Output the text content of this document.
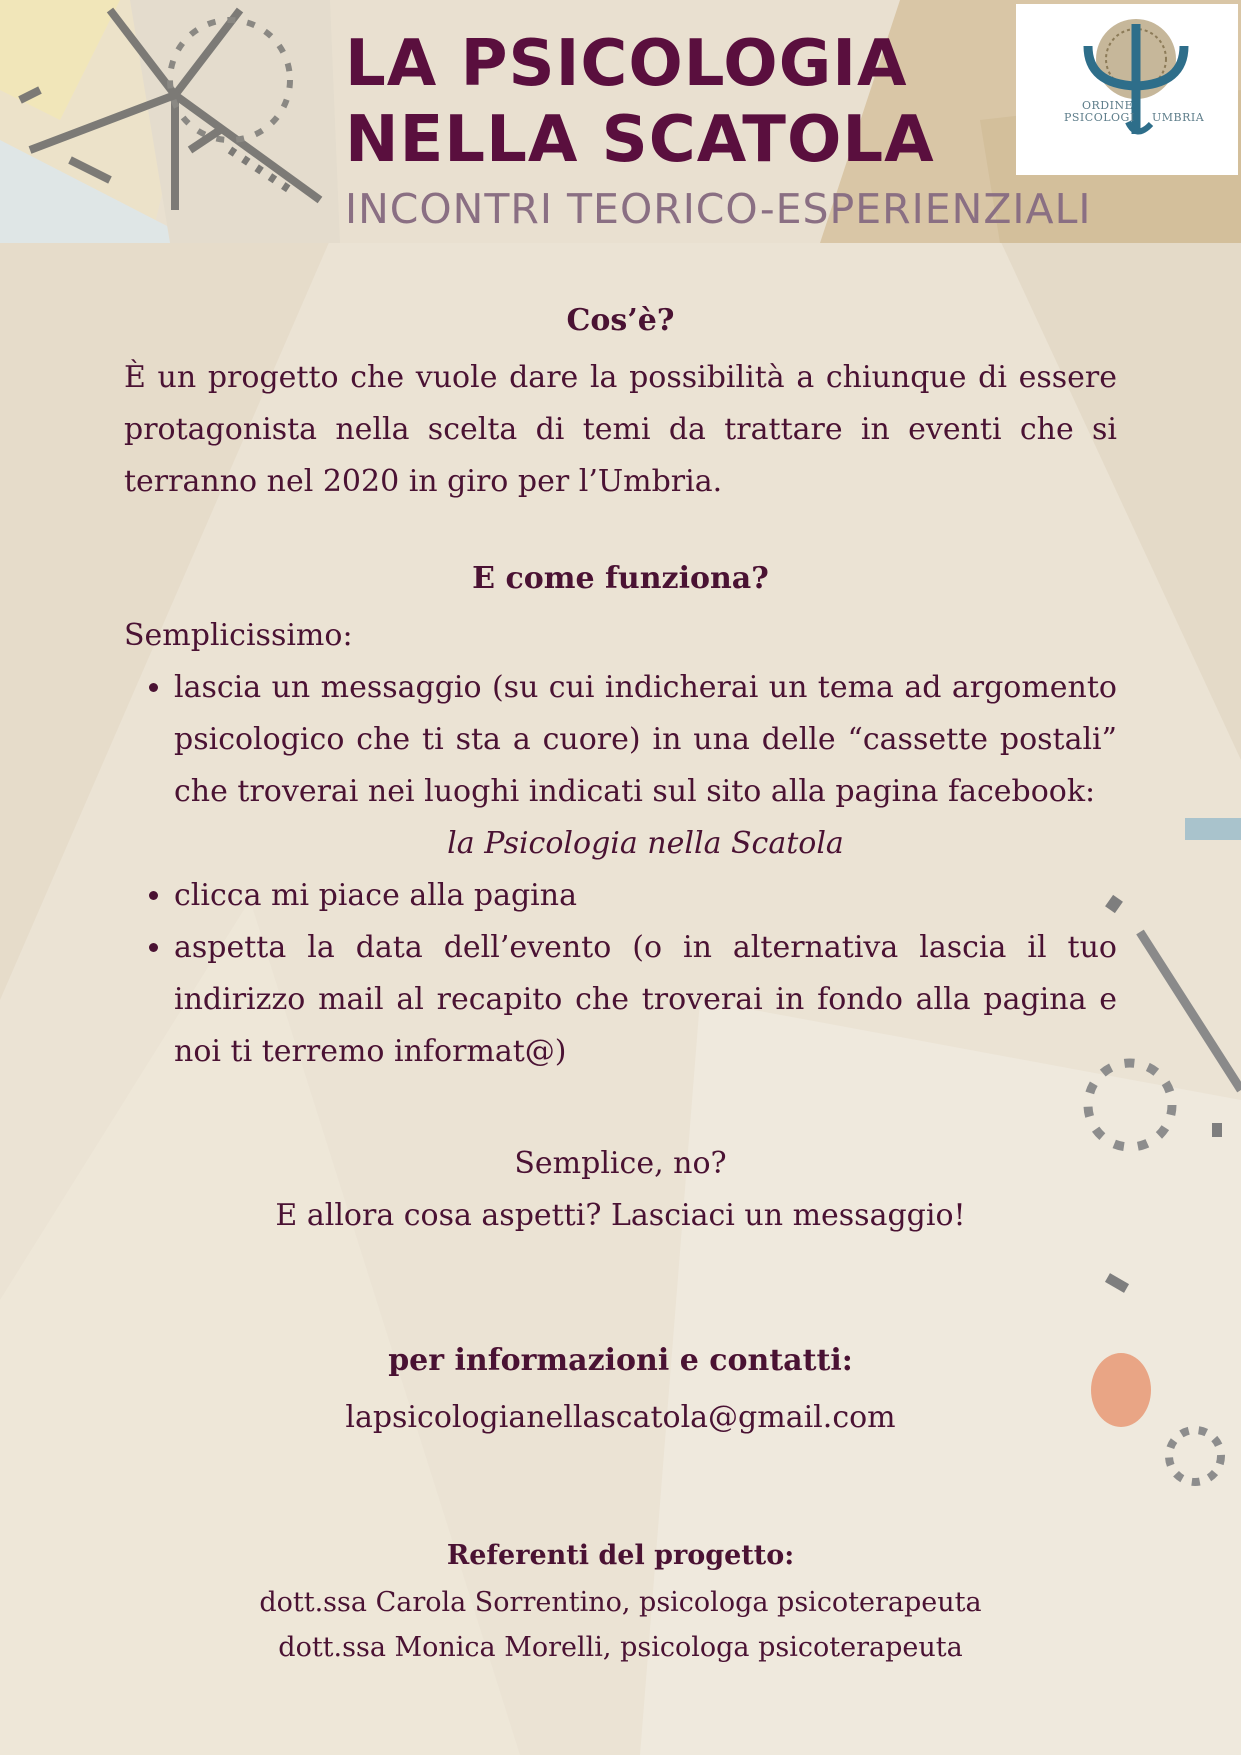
LA PSICOLOGIA
NELLA SCATOLA
INCONTRI TEORICO-ESPERIENZIALI
ORDINE
PSICOLOGI UMBRIA
Cos’è?

È un progetto che vuole dare la possibilità a chiunque di essere protagonista nella scelta di temi da trattare in eventi che si terranno nel 2020 in giro per l’Umbria.

E come funziona?

Semplicissimo:

• lascia un messaggio (su cui indicherai un tema ad argomento psicologico che ti sta a cuore) in una delle “cassette postali” che troverai nei luoghi indicati sul sito alla pagina facebook:

la Psicologia nella Scatola

• clicca mi piace alla pagina
• aspetta la data dell’evento (o in alternativa lascia il tuo indirizzo mail al recapito che troverai in fondo alla pagina e noi ti terremo informat@)

Semplice, no?

E allora cosa aspetti? Lasciaci un messaggio!

per informazioni e contatti:

lapsicologianellascatola@gmail.com

Referenti del progetto:

dott.ssa Carola Sorrentino, psicologa psicoterapeuta

dott.ssa Monica Morelli, psicologa psicoterapeuta
